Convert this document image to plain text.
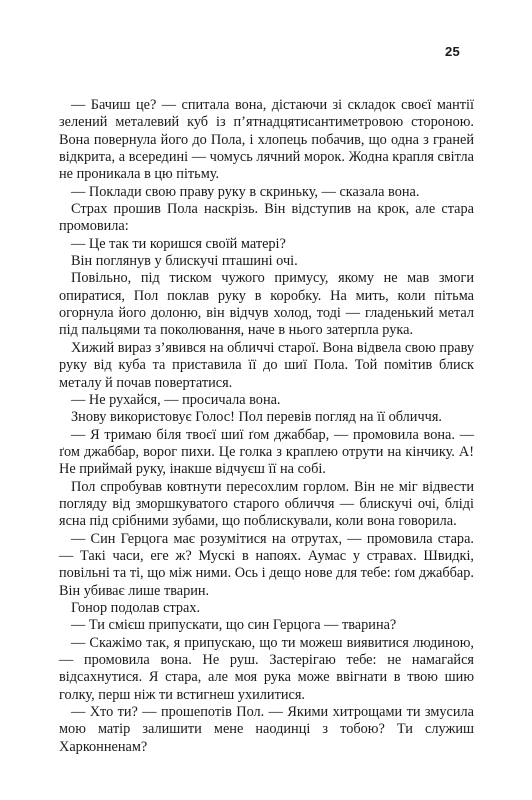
25

— Бачиш це? — спитала вона, дістаючи зі складок своєї мантії зелений металевий куб із п’ятнадцятисантиметровою стороною. Вона повернула його до Пола, і хлопець побачив, що одна з граней відкрита, а всередині — чомусь лячний морок. Жодна крапля світла не проникала в цю пітьму.

— Поклади свою праву руку в скриньку, — сказала вона.

Страх прошив Пола наскрізь. Він відступив на крок, але стара промовила:

— Це так ти коришся своїй матері?

Він поглянув у блискучі пташині очі.

Повільно, під тиском чужого примусу, якому не мав змоги опиратися, Пол поклав руку в коробку. На мить, коли пітьма огорнула його долоню, він відчув холод, тоді — гладенький метал під пальцями та поколювання, наче в нього затерпла рука.

Хижий вираз з’явився на обличчі старої. Вона відвела свою праву руку від куба та приставила її до шиї Пола. Той помітив блиск металу й почав повертатися.

— Не рухайся, — просичала вона.

Знову використовує Голос! Пол перевів погляд на її обличчя.

— Я тримаю біля твоєї шиї ґом джаббар, — промовила вона. — ґом джаббар, ворог пихи. Це голка з краплею отрути на кінчику. А! Не приймай руку, інакше відчуєш її на собі.

Пол спробував ковтнути пересохлим горлом. Він не міг відвести погляду від зморшкуватого старого обличчя — блискучі очі, бліді ясна під срібними зубами, що поблискували, коли вона говорила.

— Син Герцога має розумітися на отрутах, — промовила стара. — Такі часи, еге ж? Мускі в напоях. Аумас у стравах. Швидкі, повільні та ті, що між ними. Ось і дещо нове для тебе: ґом джаббар. Він убиває лише тварин.

Гонор подолав страх.

— Ти смієш припускати, що син Герцога — тварина?

— Скажімо так, я припускаю, що ти можеш виявитися людиною, — промовила вона. Не руш. Застерігаю тебе: не намагайся відсахнутися. Я стара, але моя рука може ввігнати в твою шию голку, перш ніж ти встигнеш ухилитися.

— Хто ти? — прошепотів Пол. — Якими хитрощами ти змусила мою матір залишити мене наодинці з тобою? Ти служиш Харконненам?
